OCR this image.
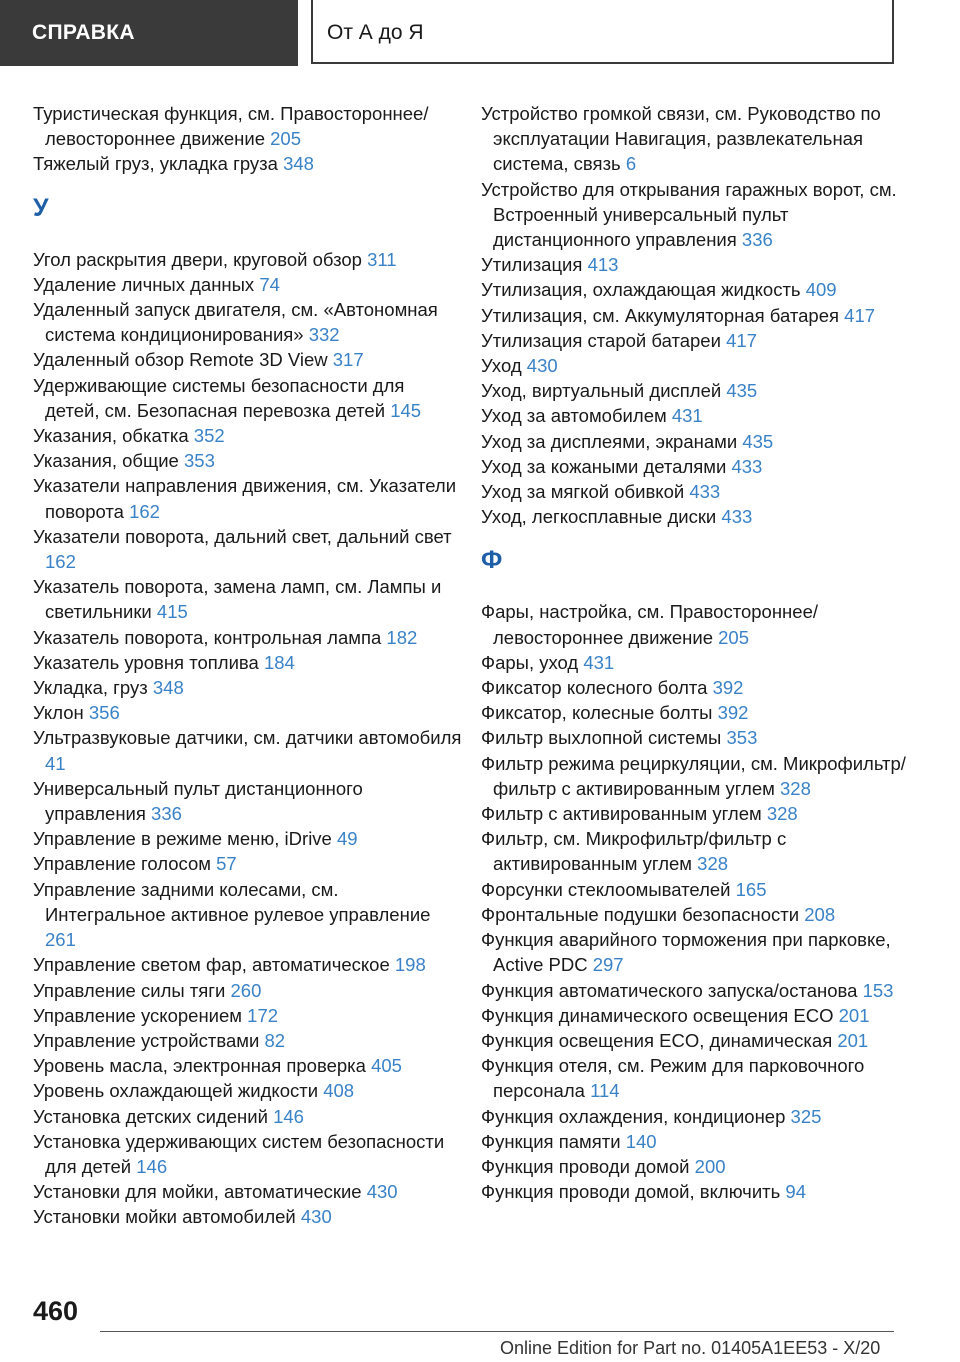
СПРАВКА	От А до Я
Туристическая функция, см. Правостороннее/левостороннее движение 205
Тяжелый груз, укладка груза 348
У
Угол раскрытия двери, круговой обзор 311
Удаление личных данных 74
Удаленный запуск двигателя, см. «Автономная система кондиционирования» 332
Удаленный обзор Remote 3D View 317
Удерживающие системы безопасности для детей, см. Безопасная перевозка детей 145
Указания, обкатка 352
Указания, общие 353
Указатели направления движения, см. Указатели поворота 162
Указатели поворота, дальний свет, дальний свет 162
Указатель поворота, замена ламп, см. Лампы и светильники 415
Указатель поворота, контрольная лампа 182
Указатель уровня топлива 184
Укладка, груз 348
Уклон 356
Ультразвуковые датчики, см. датчики автомобиля 41
Универсальный пульт дистанционного управления 336
Управление в режиме меню, iDrive 49
Управление голосом 57
Управление задними колесами, см. Интегральное активное рулевое управление 261
Управление светом фар, автоматическое 198
Управление силы тяги 260
Управление ускорением 172
Управление устройствами 82
Уровень масла, электронная проверка 405
Уровень охлаждающей жидкости 408
Установка детских сидений 146
Установка удерживающих систем безопасности для детей 146
Установки для мойки, автоматические 430
Установки мойки автомобилей 430
Устройство громкой связи, см. Руководство по эксплуатации Навигация, развлекательная система, связь 6
Устройство для открывания гаражных ворот, см. Встроенный универсальный пульт дистанционного управления 336
Утилизация 413
Утилизация, охлаждающая жидкость 409
Утилизация, см. Аккумуляторная батарея 417
Утилизация старой батареи 417
Уход 430
Уход, виртуальный дисплей 435
Уход за автомобилем 431
Уход за дисплеями, экранами 435
Уход за кожаными деталями 433
Уход за мягкой обивкой 433
Уход, легкосплавные диски 433
Ф
Фары, настройка, см. Правостороннее/левостороннее движение 205
Фары, уход 431
Фиксатор колесного болта 392
Фиксатор, колесные болты 392
Фильтр выхлопной системы 353
Фильтр режима рециркуляции, см. Микрофильтр/фильтр с активированным углем 328
Фильтр с активированным углем 328
Фильтр, см. Микрофильтр/фильтр с активированным углем 328
Форсунки стеклоомывателей 165
Фронтальные подушки безопасности 208
Функция аварийного торможения при парковке, Active PDC 297
Функция автоматического запуска/останова 153
Функция динамического освещения ECO 201
Функция освещения ECO, динамическая 201
Функция отеля, см. Режим для парковочного персонала 114
Функция охлаждения, кондиционер 325
Функция памяти 140
Функция проводи домой 200
Функция проводи домой, включить 94
460
Online Edition for Part no. 01405A1EE53 - X/20
